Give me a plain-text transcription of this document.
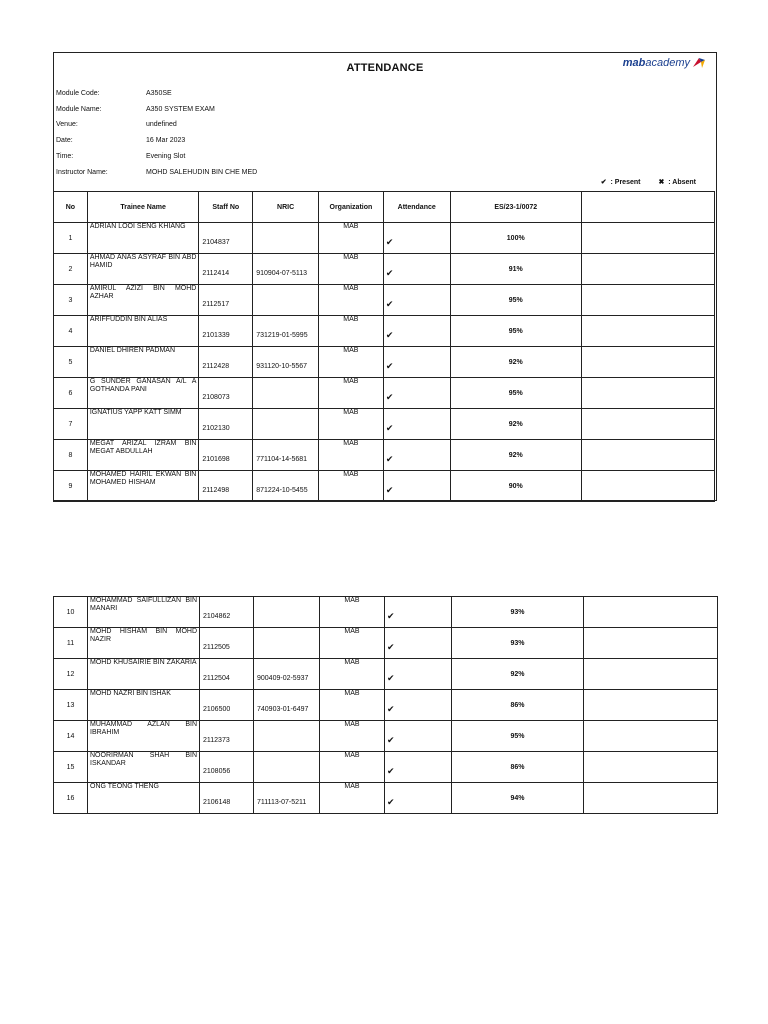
ATTENDANCE	mab academy
Module Code:	A350SE
Module Name:	A350 SYSTEM EXAM
Venue:	undefined
Date:	16 Mar 2023
Time:	Evening Slot
Instructor Name:	MOHD SALEHUDIN BIN CHE MED
✔ : Present	✖ : Absent
No	Trainee Name	Staff No	NRIC	Organization	Attendance	ES/23-1/0072	
1	ADRIAN LOOI SENG KHIANG	2104837		MAB	✔	100%	
2	AHMAD ANAS ASYRAF BIN ABD HAMID	2112414	910904-07-5113	MAB	✔	91%	
3	AMIRUL AZIZI BIN MOHD AZHAR	2112517		MAB	✔	95%	
4	ARIFFUDDIN BIN ALIAS	2101339	731219-01-5995	MAB	✔	95%	
5	DANIEL DHIREN PADMAN	2112428	931120-10-5567	MAB	✔	92%	
6	G SUNDER GANASAN A/L A GOTHANDA PANI	2108073		MAB	✔	95%	
7	IGNATIUS YAPP KATT SIMM	2102130		MAB	✔	92%	
8	MEGAT ARIZAL IZRAM BIN MEGAT ABDULLAH	2101698	771104-14-5681	MAB	✔	92%	
9	MOHAMED HAIRIL EKWAN BIN MOHAMED HISHAM	2112498	871224-10-5455	MAB	✔	90%	
10	MOHAMMAD SAIFULLIZAN BIN MANARI	2104862		MAB	✔	93%	
11	MOHD HISHAM BIN MOHD NAZIR	2112505		MAB	✔	93%	
12	MOHD KHUSAIRIE BIN ZAKARIA	2112504	900409-02-5937	MAB	✔	92%	
13	MOHD NAZRI BIN ISHAK	2106500	740903-01-6497	MAB	✔	86%	
14	MUHAMMAD AZLAN BIN IBRAHIM	2112373		MAB	✔	95%	
15	NOORIRMAN SHAH BIN ISKANDAR	2108056		MAB	✔	86%	
16	ONG TEONG THENG	2106148	711113-07-5211	MAB	✔	94%	
